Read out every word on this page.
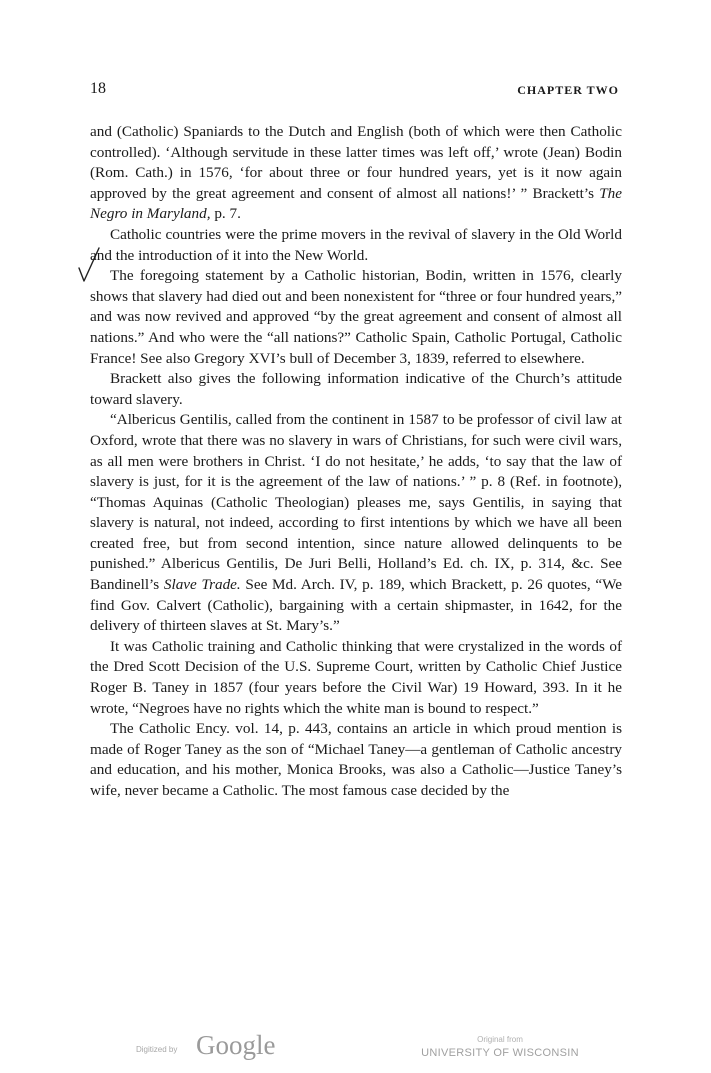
18	CHAPTER TWO

and (Catholic) Spaniards to the Dutch and English (both of which were then Catholic controlled). ‘Although servitude in these latter times was left off,’ wrote (Jean) Bodin (Rom. Cath.) in 1576, ‘for about three or four hundred years, yet is it now again approved by the great agreement and consent of almost all nations!’ ” Brackett’s The Negro in Maryland, p. 7.

Catholic countries were the prime movers in the revival of slavery in the Old World and the introduction of it into the New World.

The foregoing statement by a Catholic historian, Bodin, written in 1576, clearly shows that slavery had died out and been nonexistent for “three or four hundred years,” and was now revived and approved “by the great agreement and consent of almost all nations.” And who were the “all nations?” Catholic Spain, Catholic Portugal, Catholic France! See also Gregory XVI’s bull of December 3, 1839, referred to elsewhere.

Brackett also gives the following information indicative of the Church’s attitude toward slavery.

“Albericus Gentilis, called from the continent in 1587 to be professor of civil law at Oxford, wrote that there was no slavery in wars of Christians, for such were civil wars, as all men were brothers in Christ. ‘I do not hesitate,’ he adds, ‘to say that the law of slavery is just, for it is the agreement of the law of nations.’ ” p. 8 (Ref. in footnote), “Thomas Aquinas (Catholic Theologian) pleases me, says Gentilis, in saying that slavery is natural, not indeed, according to first intentions by which we have all been created free, but from second intention, since nature allowed delinquents to be punished.” Albericus Gentilis, De Juri Belli, Holland’s Ed. ch. IX, p. 314, &c. See Bandinell’s Slave Trade. See Md. Arch. IV, p. 189, which Brackett, p. 26 quotes, “We find Gov. Calvert (Catholic), bargaining with a certain shipmaster, in 1642, for the delivery of thirteen slaves at St. Mary’s.”

It was Catholic training and Catholic thinking that were crystalized in the words of the Dred Scott Decision of the U.S. Supreme Court, written by Catholic Chief Justice Roger B. Taney in 1857 (four years before the Civil War) 19 Howard, 393. In it he wrote, “Negroes have no rights which the white man is bound to respect.”

The Catholic Ency. vol. 14, p. 443, contains an article in which proud mention is made of Roger Taney as the son of “Michael Taney—a gentleman of Catholic ancestry and education, and his mother, Monica Brooks, was also a Catholic—Justice Taney’s wife, never became a Catholic. The most famous case decided by the

Digitized by Google	Original from
UNIVERSITY OF WISCONSIN
